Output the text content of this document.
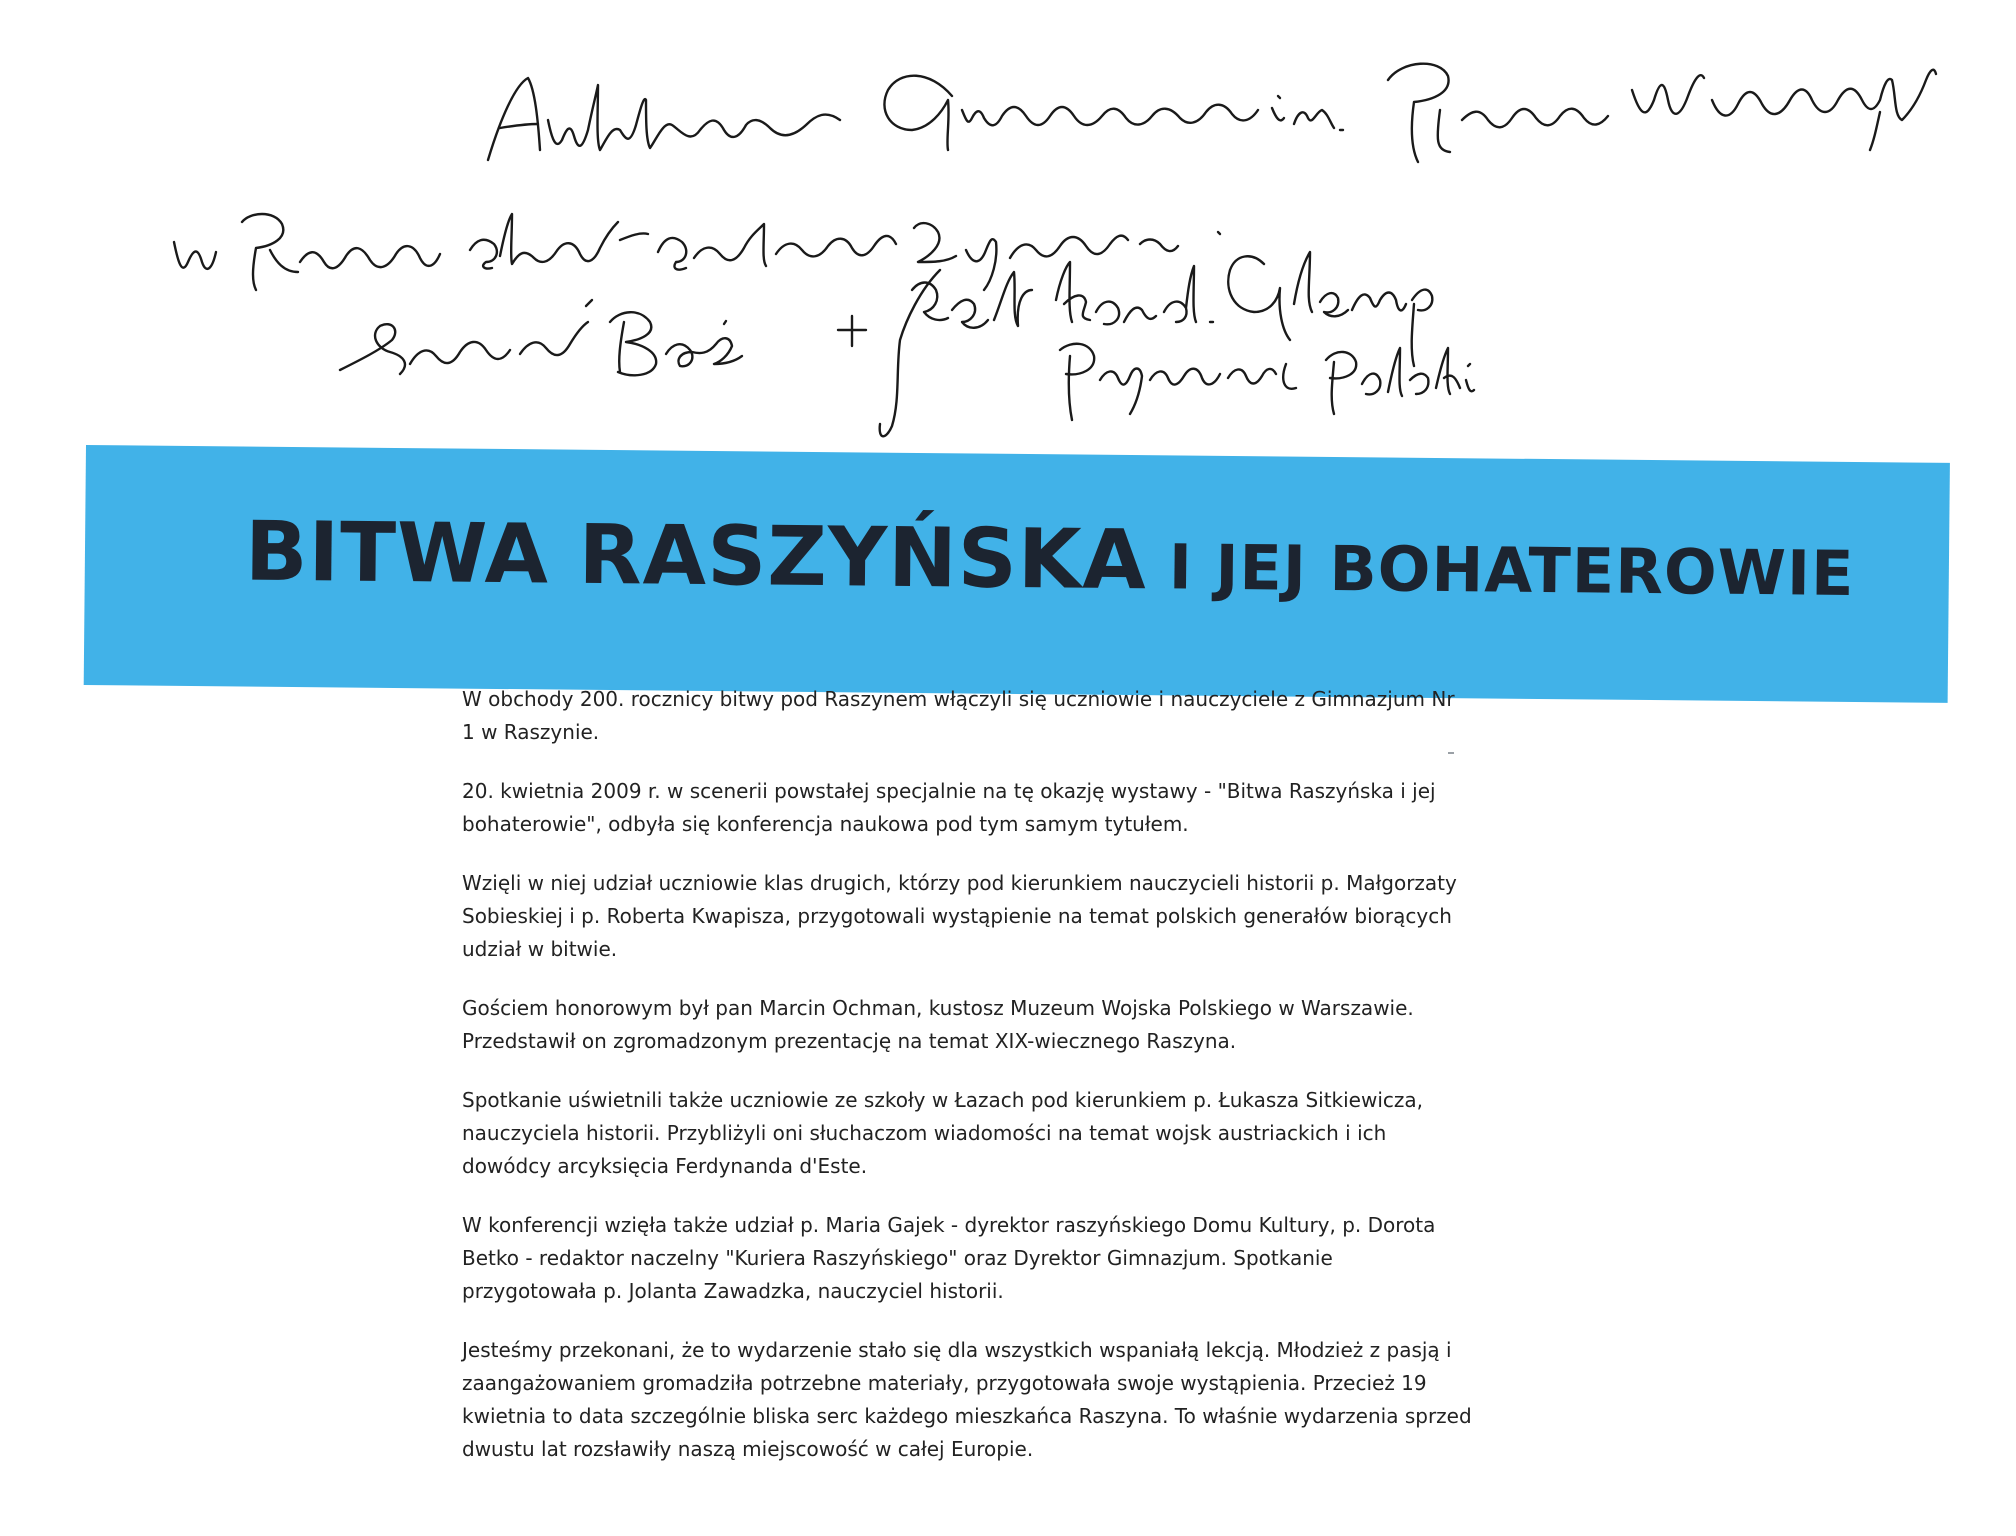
BITWA RASZYŃSKA I JEJ BOHATEROWIE

W obchody 200. rocznicy bitwy pod Raszynem włączyli się uczniowie i nauczyciele z Gimnazjum Nr 1 w Raszynie.

20. kwietnia 2009 r. w scenerii powstałej specjalnie na tę okazję wystawy - "Bitwa Raszyńska i jej bohaterowie", odbyła się konferencja naukowa pod tym samym tytułem.

Wzięli w niej udział uczniowie klas drugich, którzy pod kierunkiem nauczycieli historii p. Małgorzaty Sobieskiej i p. Roberta Kwapisza, przygotowali wystąpienie na temat polskich generałów biorących udział w bitwie.

Gościem honorowym był pan Marcin Ochman, kustosz Muzeum Wojska Polskiego w Warszawie. Przedstawił on zgromadzonym prezentację na temat XIX-wiecznego Raszyna.

Spotkanie uświetnili także uczniowie ze szkoły w Łazach pod kierunkiem p. Łukasza Sitkiewicza, nauczyciela historii. Przybliżyli oni słuchaczom wiadomości na temat wojsk austriackich i ich dowódcy arcyksięcia Ferdynanda d'Este.

W konferencji wzięła także udział p. Maria Gajek - dyrektor raszyńskiego Domu Kultury, p. Dorota Betko - redaktor naczelny "Kuriera Raszyńskiego" oraz Dyrektor Gimnazjum. Spotkanie przygotowała p. Jolanta Zawadzka, nauczyciel historii.

Jesteśmy przekonani, że to wydarzenie stało się dla wszystkich wspaniałą lekcją. Młodzież z pasją i zaangażowaniem gromadziła potrzebne materiały, przygotowała swoje wystąpienia. Przecież 19 kwietnia to data szczególnie bliska serc każdego mieszkańca Raszyna. To właśnie wydarzenia sprzed dwustu lat rozsławiły naszą miejscowość w całej Europie.
